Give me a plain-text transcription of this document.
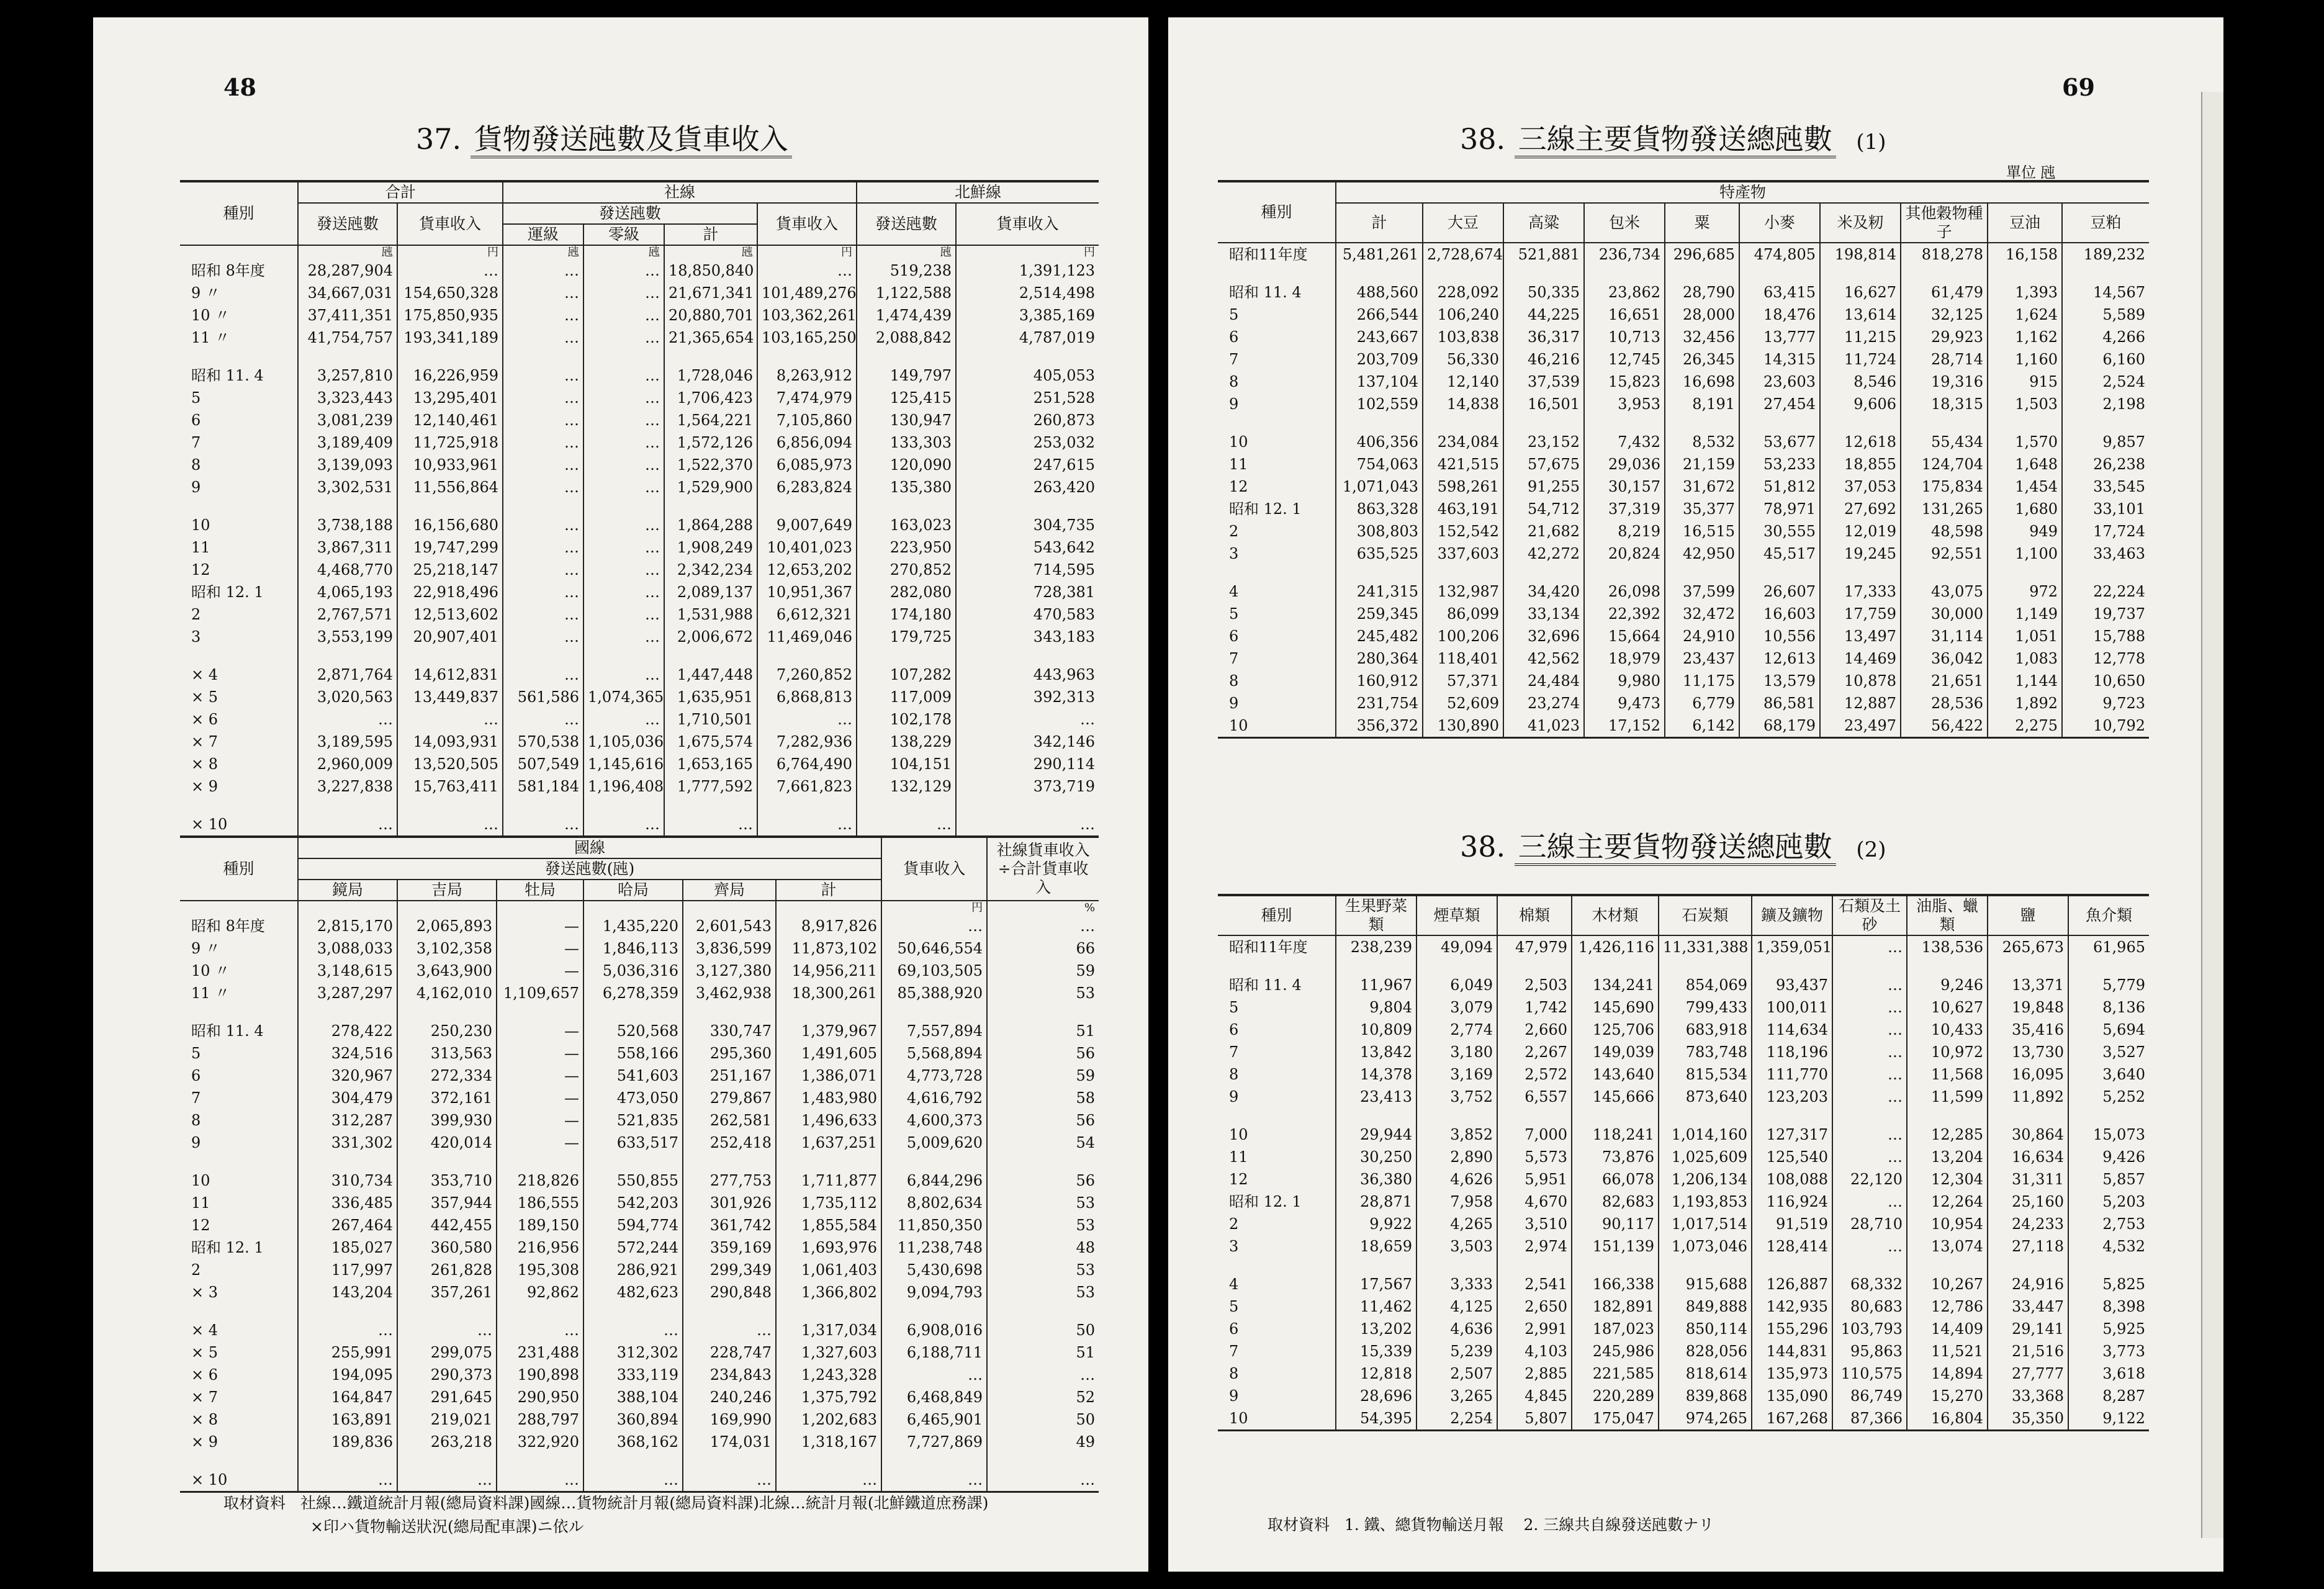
48
37. 貨物發送瓲數及貨車收入
種別	合計		社線				北鮮線	
	發送瓲數	貨車收入	發送瓲數			貨車收入	發送瓲數	貨車收入
			運級	零級	計			
	瓲	円	瓲	瓲	瓲	円	瓲	円
昭和 8年度	28,287,904	…	…	…	18,850,840	…	519,238	1,391,123
9 〃	34,667,031	154,650,328	…	…	21,671,341	101,489,276	1,122,588	2,514,498
10 〃	37,411,351	175,850,935	…	…	20,880,701	103,362,261	1,474,439	3,385,169
11 〃	41,754,757	193,341,189	…	…	21,365,654	103,165,250	2,088,842	4,787,019
昭和 11. 4	3,257,810	16,226,959	…	…	1,728,046	8,263,912	149,797	405,053
5	3,323,443	13,295,401	…	…	1,706,423	7,474,979	125,415	251,528
6	3,081,239	12,140,461	…	…	1,564,221	7,105,860	130,947	260,873
7	3,189,409	11,725,918	…	…	1,572,126	6,856,094	133,303	253,032
8	3,139,093	10,933,961	…	…	1,522,370	6,085,973	120,090	247,615
9	3,302,531	11,556,864	…	…	1,529,900	6,283,824	135,380	263,420
10	3,738,188	16,156,680	…	…	1,864,288	9,007,649	163,023	304,735
11	3,867,311	19,747,299	…	…	1,908,249	10,401,023	223,950	543,642
12	4,468,770	25,218,147	…	…	2,342,234	12,653,202	270,852	714,595
昭和 12. 1	4,065,193	22,918,496	…	…	2,089,137	10,951,367	282,080	728,381
2	2,767,571	12,513,602	…	…	1,531,988	6,612,321	174,180	470,583
3	3,553,199	20,907,401	…	…	2,006,672	11,469,046	179,725	343,183
× 4	2,871,764	14,612,831	…	…	1,447,448	7,260,852	107,282	443,963
× 5	3,020,563	13,449,837	561,586	1,074,365	1,635,951	6,868,813	117,009	392,313
× 6	…	…	…	…	1,710,501	…	102,178	…
× 7	3,189,595	14,093,931	570,538	1,105,036	1,675,574	7,282,936	138,229	342,146
× 8	2,960,009	13,520,505	507,549	1,145,616	1,653,165	6,764,490	104,151	290,114
× 9	3,227,838	15,763,411	581,184	1,196,408	1,777,592	7,661,823	132,129	373,719
× 10	…	…	…	…	…	…	…	…
種別	國線						貨車收入	社線貨車收入÷合計貨車收入
	發送瓲數(瓲)							
	鏡局	吉局	牡局	哈局	齊局	計		
							円	%
昭和 8年度	2,815,170	2,065,893	—	1,435,220	2,601,543	8,917,826	…	…
9 〃	3,088,033	3,102,358	—	1,846,113	3,836,599	11,873,102	50,646,554	66
10 〃	3,148,615	3,643,900	—	5,036,316	3,127,380	14,956,211	69,103,505	59
11 〃	3,287,297	4,162,010	1,109,657	6,278,359	3,462,938	18,300,261	85,388,920	53
昭和 11. 4	278,422	250,230	—	520,568	330,747	1,379,967	7,557,894	51
5	324,516	313,563	—	558,166	295,360	1,491,605	5,568,894	56
6	320,967	272,334	—	541,603	251,167	1,386,071	4,773,728	59
7	304,479	372,161	—	473,050	279,867	1,483,980	4,616,792	58
8	312,287	399,930	—	521,835	262,581	1,496,633	4,600,373	56
9	331,302	420,014	—	633,517	252,418	1,637,251	5,009,620	54
10	310,734	353,710	218,826	550,855	277,753	1,711,877	6,844,296	56
11	336,485	357,944	186,555	542,203	301,926	1,735,112	8,802,634	53
12	267,464	442,455	189,150	594,774	361,742	1,855,584	11,850,350	53
昭和 12. 1	185,027	360,580	216,956	572,244	359,169	1,693,976	11,238,748	48
2	117,997	261,828	195,308	286,921	299,349	1,061,403	5,430,698	53
× 3	143,204	357,261	92,862	482,623	290,848	1,366,802	9,094,793	53
× 4	…	…	…	…	…	1,317,034	6,908,016	50
× 5	255,991	299,075	231,488	312,302	228,747	1,327,603	6,188,711	51
× 6	194,095	290,373	190,898	333,119	234,843	1,243,328	…	…
× 7	164,847	291,645	290,950	388,104	240,246	1,375,792	6,468,849	52
× 8	163,891	219,021	288,797	360,894	169,990	1,202,683	6,465,901	50
× 9	189,836	263,218	322,920	368,162	174,031	1,318,167	7,727,869	49
× 10	…	…	…	…	…	…	…	…
取材資料 社線…鐵道統計月報(總局資料課)國線…貨物統計月報(總局資料課)北線…統計月報(北鮮鐵道庶務課)
×印ハ貨物輸送狀況(總局配車課)ニ依ル
69
38. 三線主要貨物發送總瓲數 (1)
單位 瓲
種別	特產物									
	計	大豆	高粱	包米	粟	小麥	米及籾	其他穀物種子	豆油	豆粕
昭和11年度	5,481,261	2,728,674	521,881	236,734	296,685	474,805	198,814	818,278	16,158	189,232
昭和 11. 4	488,560	228,092	50,335	23,862	28,790	63,415	16,627	61,479	1,393	14,567
5	266,544	106,240	44,225	16,651	28,000	18,476	13,614	32,125	1,624	5,589
6	243,667	103,838	36,317	10,713	32,456	13,777	11,215	29,923	1,162	4,266
7	203,709	56,330	46,216	12,745	26,345	14,315	11,724	28,714	1,160	6,160
8	137,104	12,140	37,539	15,823	16,698	23,603	8,546	19,316	915	2,524
9	102,559	14,838	16,501	3,953	8,191	27,454	9,606	18,315	1,503	2,198
10	406,356	234,084	23,152	7,432	8,532	53,677	12,618	55,434	1,570	9,857
11	754,063	421,515	57,675	29,036	21,159	53,233	18,855	124,704	1,648	26,238
12	1,071,043	598,261	91,255	30,157	31,672	51,812	37,053	175,834	1,454	33,545
昭和 12. 1	863,328	463,191	54,712	37,319	35,377	78,971	27,692	131,265	1,680	33,101
2	308,803	152,542	21,682	8,219	16,515	30,555	12,019	48,598	949	17,724
3	635,525	337,603	42,272	20,824	42,950	45,517	19,245	92,551	1,100	33,463
4	241,315	132,987	34,420	26,098	37,599	26,607	17,333	43,075	972	22,224
5	259,345	86,099	33,134	22,392	32,472	16,603	17,759	30,000	1,149	19,737
6	245,482	100,206	32,696	15,664	24,910	10,556	13,497	31,114	1,051	15,788
7	280,364	118,401	42,562	18,979	23,437	12,613	14,469	36,042	1,083	12,778
8	160,912	57,371	24,484	9,980	11,175	13,579	10,878	21,651	1,144	10,650
9	231,754	52,609	23,274	9,473	6,779	86,581	12,887	28,536	1,892	9,723
10	356,372	130,890	41,023	17,152	6,142	68,179	23,497	56,422	2,275	10,792
38. 三線主要貨物發送總瓲數 (2)
種別	生果野菜類	煙草類	棉類	木材類	石炭類	鑛及鑛物	石類及土砂	油脂、蠟類	鹽	魚介類
昭和11年度	238,239	49,094	47,979	1,426,116	11,331,388	1,359,051	…	138,536	265,673	61,965
昭和 11. 4	11,967	6,049	2,503	134,241	854,069	93,437	…	9,246	13,371	5,779
5	9,804	3,079	1,742	145,690	799,433	100,011	…	10,627	19,848	8,136
6	10,809	2,774	2,660	125,706	683,918	114,634	…	10,433	35,416	5,694
7	13,842	3,180	2,267	149,039	783,748	118,196	…	10,972	13,730	3,527
8	14,378	3,169	2,572	143,640	815,534	111,770	…	11,568	16,095	3,640
9	23,413	3,752	6,557	145,666	873,640	123,203	…	11,599	11,892	5,252
10	29,944	3,852	7,000	118,241	1,014,160	127,317	…	12,285	30,864	15,073
11	30,250	2,890	5,573	73,876	1,025,609	125,540	…	13,204	16,634	9,426
12	36,380	4,626	5,951	66,078	1,206,134	108,088	22,120	12,304	31,311	5,857
昭和 12. 1	28,871	7,958	4,670	82,683	1,193,853	116,924	…	12,264	25,160	5,203
2	9,922	4,265	3,510	90,117	1,017,514	91,519	28,710	10,954	24,233	2,753
3	18,659	3,503	2,974	151,139	1,073,046	128,414	…	13,074	27,118	4,532
4	17,567	3,333	2,541	166,338	915,688	126,887	68,332	10,267	24,916	5,825
5	11,462	4,125	2,650	182,891	849,888	142,935	80,683	12,786	33,447	8,398
6	13,202	4,636	2,991	187,023	850,114	155,296	103,793	14,409	29,141	5,925
7	15,339	5,239	4,103	245,986	828,056	144,831	95,863	11,521	21,516	3,773
8	12,818	2,507	2,885	221,585	818,614	135,973	110,575	14,894	27,777	3,618
9	28,696	3,265	4,845	220,289	839,868	135,090	86,749	15,270	33,368	8,287
10	54,395	2,254	5,807	175,047	974,265	167,268	87,366	16,804	35,350	9,122
取材資料 1. 鐵、總貨物輸送月報 2. 三線共自線發送瓲數ナリ
